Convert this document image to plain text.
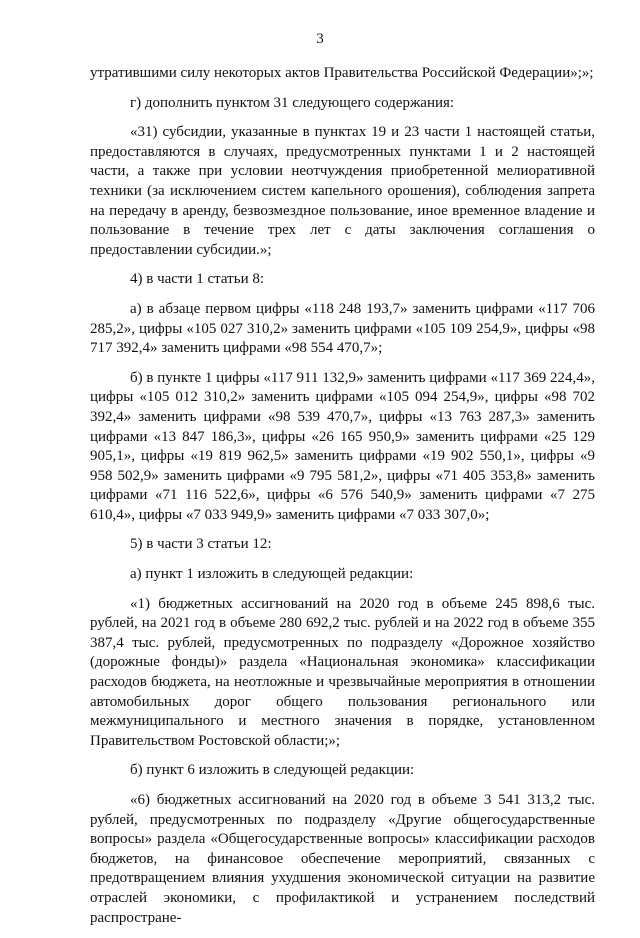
3

утратившими силу некоторых актов Правительства Российской Федерации»;»;

г) дополнить пунктом 31 следующего содержания:

«31) субсидии, указанные в пунктах 19 и 23 части 1 настоящей статьи, предоставляются в случаях, предусмотренных пунктами 1 и 2 настоящей части, а также при условии неотчуждения приобретенной мелиоративной техники (за исключением систем капельного орошения), соблюдения запрета на передачу в аренду, безвозмездное пользование, иное временное владение и пользование в течение трех лет с даты заключения соглашения о предоставлении субсидии.»;

4) в части 1 статьи 8:

а) в абзаце первом цифры «118 248 193,7» заменить цифрами «117 706 285,2», цифры «105 027 310,2» заменить цифрами «105 109 254,9», цифры «98 717 392,4» заменить цифрами «98 554 470,7»;

б) в пункте 1 цифры «117 911 132,9» заменить цифрами «117 369 224,4», цифры «105 012 310,2» заменить цифрами «105 094 254,9», цифры «98 702 392,4» заменить цифрами «98 539 470,7», цифры «13 763 287,3» заменить цифрами «13 847 186,3», цифры «26 165 950,9» заменить цифрами «25 129 905,1», цифры «19 819 962,5» заменить цифрами «19 902 550,1», цифры «9 958 502,9» заменить цифрами «9 795 581,2», цифры «71 405 353,8» заменить цифрами «71 116 522,6», цифры «6 576 540,9» заменить цифрами «7 275 610,4», цифры «7 033 949,9» заменить цифрами «7 033 307,0»;

5) в части 3 статьи 12:

а) пункт 1 изложить в следующей редакции:

«1) бюджетных ассигнований на 2020 год в объеме 245 898,6 тыс. рублей, на 2021 год в объеме 280 692,2 тыс. рублей и на 2022 год в объеме 355 387,4 тыс. рублей, предусмотренных по подразделу «Дорожное хозяйство (дорожные фонды)» раздела «Национальная экономика» классификации расходов бюджета, на неотложные и чрезвычайные мероприятия в отношении автомобильных дорог общего пользования регионального или межмуниципального и местного значения в порядке, установленном Правительством Ростовской области;»;

б) пункт 6 изложить в следующей редакции:

«6) бюджетных ассигнований на 2020 год в объеме 3 541 313,2 тыс. рублей, предусмотренных по подразделу «Другие общегосударственные вопросы» раздела «Общегосударственные вопросы» классификации расходов бюджетов, на финансовое обеспечение мероприятий, связанных с предотвращением влияния ухудшения экономической ситуации на развитие отраслей экономики, с профилактикой и устранением последствий распростране-
